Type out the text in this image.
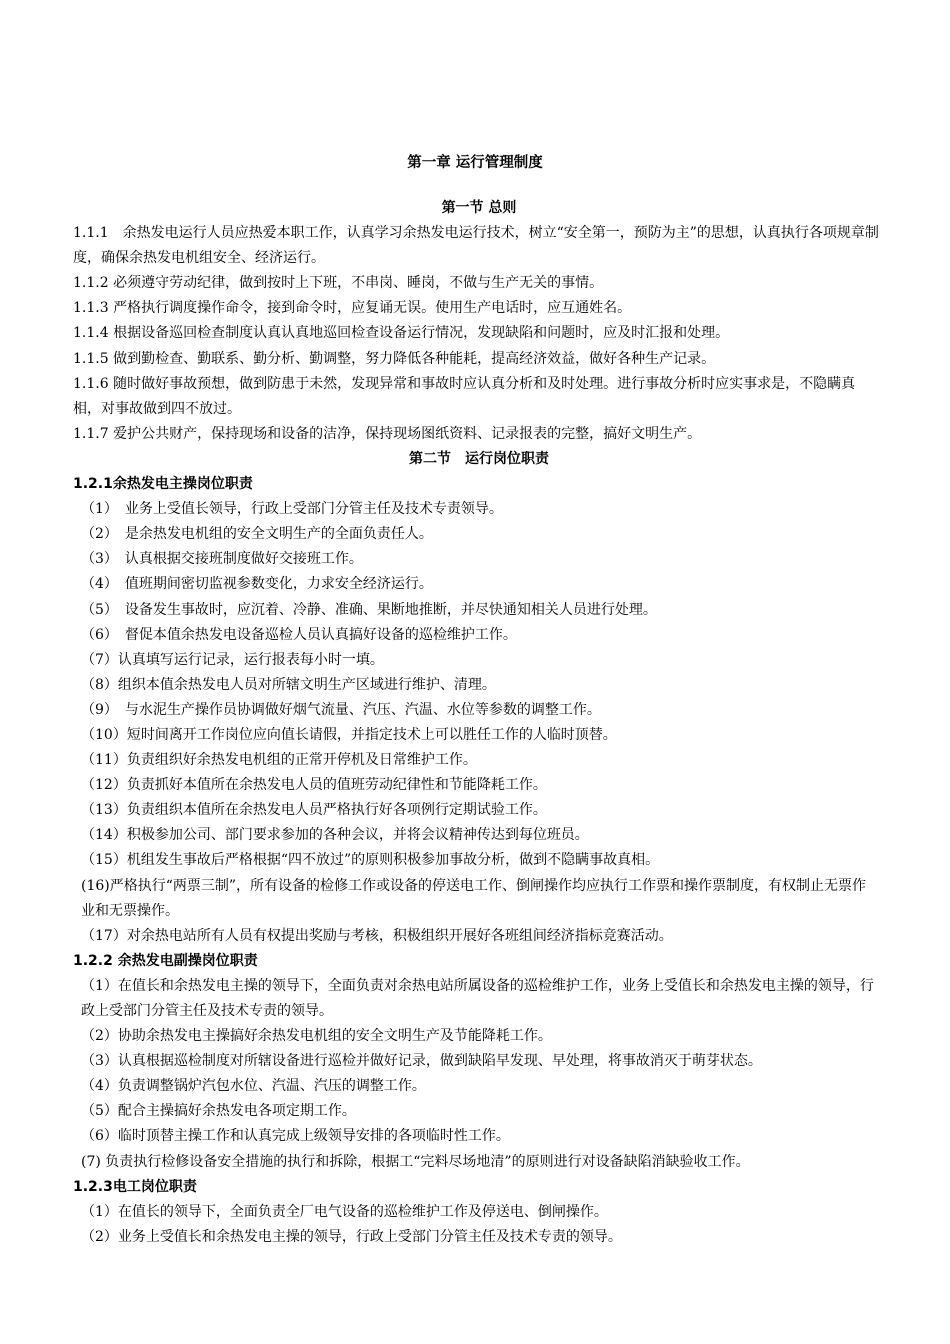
第一章 运行管理制度
第一节 总则
1.1.1　余热发电运行人员应热爱本职工作，认真学习余热发电运行技术，树立“安全第一，预防为主”的思想，认真执行各项规章制度，确保余热发电机组安全、经济运行。
1.1.2 必须遵守劳动纪律，做到按时上下班，不串岗、睡岗，不做与生产无关的事情。
1.1.3 严格执行调度操作命令，接到命令时，应复诵无误。使用生产电话时，应互通姓名。
1.1.4 根据设备巡回检查制度认真认真地巡回检查设备运行情况，发现缺陷和问题时，应及时汇报和处理。
1.1.5 做到勤检查、勤联系、勤分析、勤调整，努力降低各种能耗，提高经济效益，做好各种生产记录。
1.1.6 随时做好事故预想，做到防患于未然，发现异常和事故时应认真分析和及时处理。进行事故分析时应实事求是，不隐瞒真相，对事故做到四不放过。
1.1.7 爱护公共财产，保持现场和设备的洁净，保持现场图纸资料、记录报表的完整，搞好文明生产。
第二节　运行岗位职责
1.2.1余热发电主操岗位职责
（1）　业务上受值长领导，行政上受部门分管主任及技术专责领导。
（2）　是余热发电机组的安全文明生产的全面负责任人。
（3）　认真根据交接班制度做好交接班工作。
（4）　值班期间密切监视参数变化，力求安全经济运行。
（5）　设备发生事故时，应沉着、冷静、准确、果断地推断，并尽快通知相关人员进行处理。
（6）　督促本值余热发电设备巡检人员认真搞好设备的巡检维护工作。
（7）认真填写运行记录，运行报表每小时一填。
（8）组织本值余热发电人员对所辖文明生产区域进行维护、清理。
（9）　与水泥生产操作员协调做好烟气流量、汽压、汽温、水位等参数的调整工作。
（10）短时间离开工作岗位应向值长请假，并指定技术上可以胜任工作的人临时顶替。
（11）负责组织好余热发电机组的正常开停机及日常维护工作。
（12）负责抓好本值所在余热发电人员的值班劳动纪律性和节能降耗工作。
（13）负责组织本值所在余热发电人员严格执行好各项例行定期试验工作。
（14）积极参加公司、部门要求参加的各种会议，并将会议精神传达到每位班员。
（15）机组发生事故后严格根据“四不放过”的原则积极参加事故分析，做到不隐瞒事故真相。
(16)严格执行“两票三制”，所有设备的检修工作或设备的停送电工作、倒闸操作均应执行工作票和操作票制度，有权制止无票作业和无票操作。
（17）对余热电站所有人员有权提出奖励与考核，积极组织开展好各班组间经济指标竞赛活动。
1.2.2 余热发电副操岗位职责
（1）在值长和余热发电主操的领导下，全面负责对余热电站所属设备的巡检维护工作，业务上受值长和余热发电主操的领导，行政上受部门分管主任及技术专责的领导。
（2）协助余热发电主操搞好余热发电机组的安全文明生产及节能降耗工作。
（3）认真根据巡检制度对所辖设备进行巡检并做好记录，做到缺陷早发现、早处理，将事故消灭于萌芽状态。
（4）负责调整锅炉汽包水位、汽温、汽压的调整工作。
（5）配合主操搞好余热发电各项定期工作。
（6）临时顶替主操工作和认真完成上级领导安排的各项临时性工作。
(7) 负责执行检修设备安全措施的执行和拆除，根据工“完料尽场地清”的原则进行对设备缺陷消缺验收工作。
1.2.3电工岗位职责
（1）在值长的领导下，全面负责全厂电气设备的巡检维护工作及停送电、倒闸操作。
（2）业务上受值长和余热发电主操的领导，行政上受部门分管主任及技术专责的领导。
